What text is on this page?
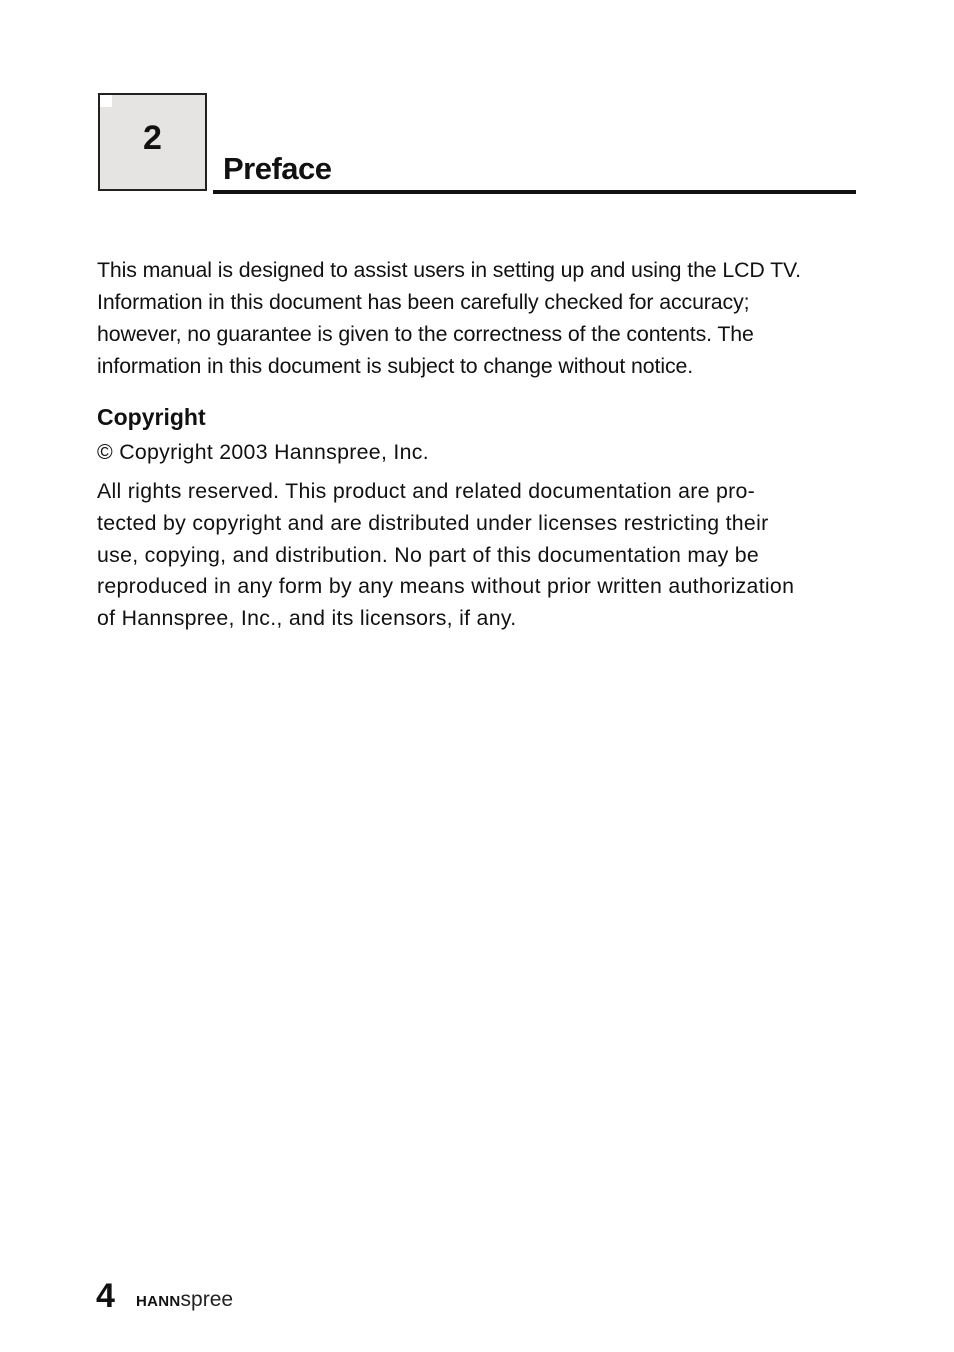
2
Preface

This manual is designed to assist users in setting up and using the LCD TV.
Information in this document has been carefully checked for accuracy;
however, no guarantee is given to the correctness of the contents. The
information in this document is subject to change without notice.

Copyright

© Copyright 2003 Hannspree, Inc.

All rights reserved. This product and related documentation are pro-
tected by copyright and are distributed under licenses restricting their
use, copying, and distribution. No part of this documentation may be
reproduced in any form by any means without prior written authorization
of Hannspree, Inc., and its licensors, if any.

4 HANNspree
